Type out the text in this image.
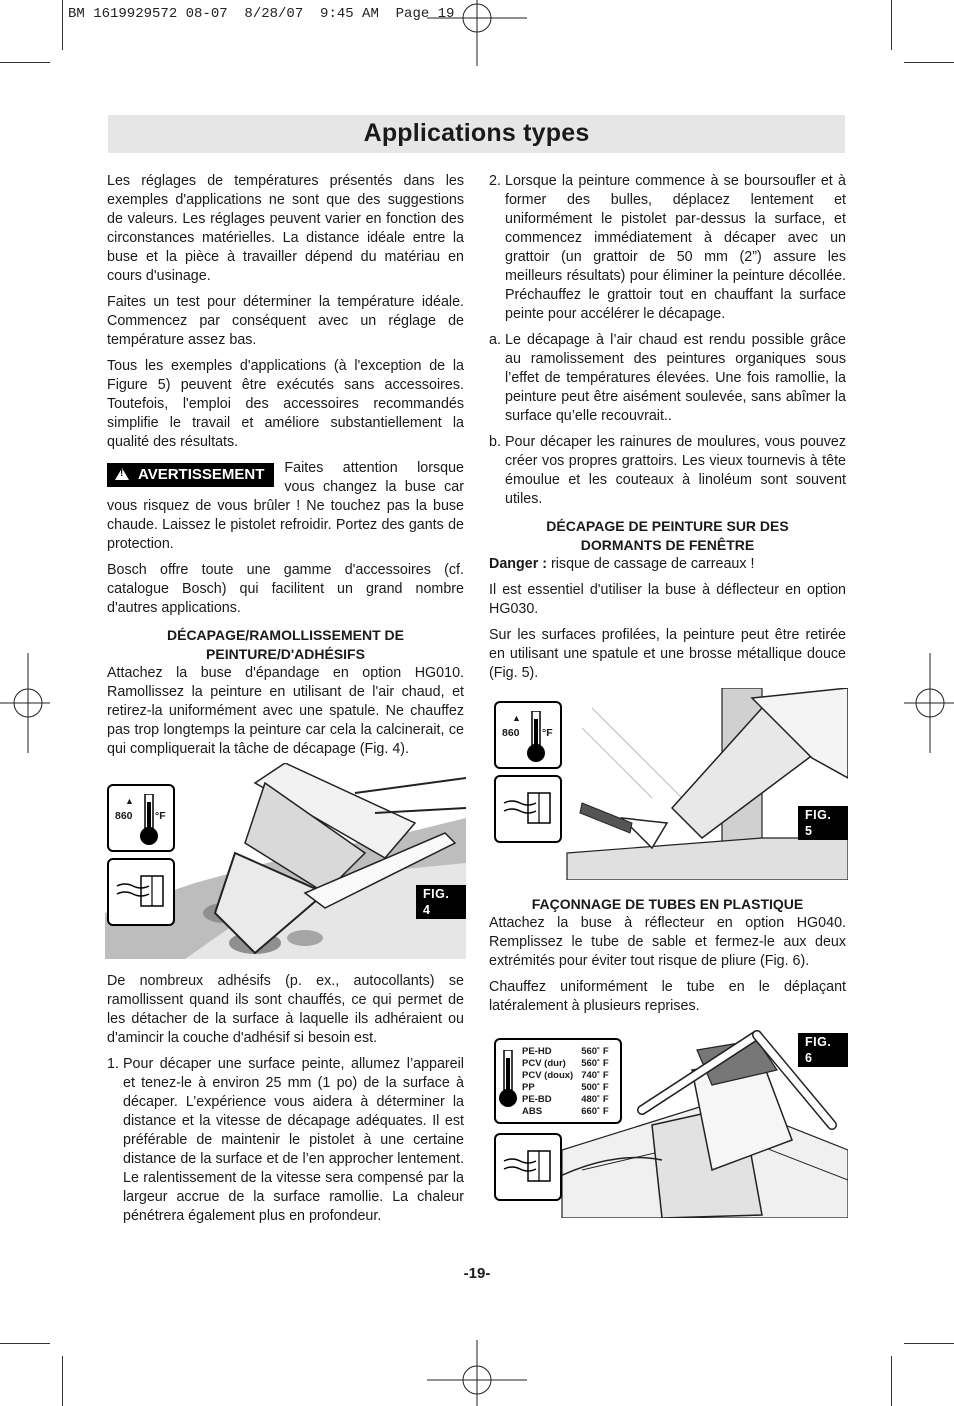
BM 1619929572 08-07  8/28/07  9:45 AM  Page 19
Applications types

Les réglages de températures présentés dans les exemples d'applications ne sont que des suggestions de valeurs. Les réglages peuvent varier en fonction des circonstances matérielles. La distance idéale entre la buse et la pièce à travailler dépend du matériau en cours d'usinage.

Faites un test pour déterminer la température idéale. Commencez par conséquent avec un réglage de température assez bas.

Tous les exemples d'applications (à l'exception de la Figure 5) peuvent être exécutés sans accessoires. Toutefois, l'emploi des accessoires recommandés simplifie le travail et améliore substantiellement la qualité des résultats.

!AVERTISSEMENT	Faites attention lorsque vous changez la buse car vous risquez de vous brûler ! Ne touchez pas la buse chaude. Laissez le pistolet refroidir. Portez des gants de protection.

Bosch offre toute une gamme d'accessoires (cf. catalogue Bosch) qui facilitent un grand nombre d'autres applications.

DÉCAPAGE/RAMOLLISSEMENT DE
PEINTURE/D'ADHÉSIFS

Attachez la buse d'épandage en option HG010. Ramollissez la peinture en utilisant de l'air chaud, et retirez-la uniformément avec une spatule. Ne chauffez pas trop longtemps la peinture car cela la calcinerait, ce qui compliquerait la tâche de décapage (Fig. 4).

▲
860 °F
FIG. 4

De nombreux adhésifs (p. ex., autocollants) se ramollissent quand ils sont chauffés, ce qui permet de les détacher de la surface à laquelle ils adhéraient ou d'amincir la couche d'adhésif si besoin est.

1. Pour décaper une surface peinte, allumez l’appareil et tenez-le à environ 25 mm (1 po) de la surface à décaper. L’expérience vous aidera à déterminer la distance et la vitesse de décapage adéquates. Il est préférable de maintenir le pistolet à une certaine distance de la surface et de l’en approcher lentement. Le ralentissement de la vitesse sera compensé par la largeur accrue de la surface ramollie. La chaleur pénétrera également plus en profondeur.
2. Lorsque la peinture commence à se boursoufler et à former des bulles, déplacez lentement et uniformément le pistolet par-dessus la surface, et commencez immédiatement à décaper avec un grattoir (un grattoir de 50 mm (2”) assure les meilleurs résultats) pour éliminer la peinture décollée. Préchauffez le grattoir tout en chauffant la surface peinte pour accélérer le décapage.
a. Le décapage à l’air chaud est rendu possible grâce au ramolissement des peintures organiques sous l’effet de températures élevées. Une fois ramollie, la peinture peut être aisément soulevée, sans abîmer la surface qu’elle recouvrait..
b. Pour décaper les rainures de moulures, vous pouvez créer vos propres grattoirs. Les vieux tournevis à tête émoulue et les couteaux à linoléum sont souvent utiles.
DÉCAPAGE DE PEINTURE SUR DES
DORMANTS DE FENÊTRE

Danger : risque de cassage de carreaux !

Il est essentiel d'utiliser la buse à déflecteur en option HG030.

Sur les surfaces profilées, la peinture peut être retirée en utilisant une spatule et une brosse métallique douce (Fig. 5).

▲
860 °F
FIG. 5
FAÇONNAGE DE TUBES EN PLASTIQUE

Attachez la buse à réflecteur en option HG040. Remplissez le tube de sable et fermez-le aux deux extrémités pour éviter tout risque de pliure (Fig. 6).

Chauffez uniformément le tube en le déplaçant latéralement à plusieurs reprises.

PE-HD	560˚ F
PCV (dur)	560˚ F
PCV (doux)	740˚ F
PP	500˚ F
PE-BD	480˚ F
ABS	660˚ F
FIG. 6
-19-
